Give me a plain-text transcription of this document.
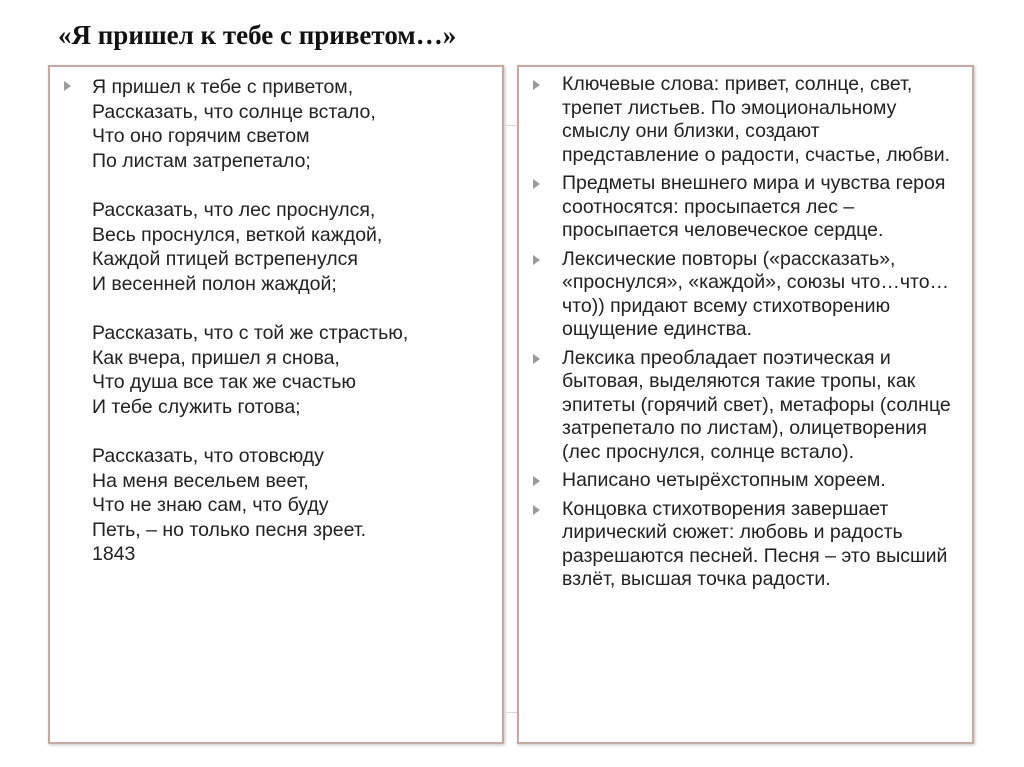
«Я пришел к тебе с приветом…»
Я пришел к тебе с приветом,
Рассказать, что солнце встало,
Что оно горячим светом
По листам затрепетало;

Рассказать, что лес проснулся,
Весь проснулся, веткой каждой,
Каждой птицей встрепенулся
И весенней полон жаждой;

Рассказать, что с той же страстью,
Как вчера, пришел я снова,
Что душа все так же счастью
И тебе служить готова;

Рассказать, что отовсюду
На меня весельем веет,
Что не знаю сам, что буду
Петь, – но только песня зреет.
1843
Ключевые слова: привет, солнце, свет, трепет листьев. По эмоциональному смыслу они близки, создают представление о радости, счастье, любви.
Предметы внешнего мира и чувства героя соотносятся: просыпается лес – просыпается человеческое сердце.
Лексические повторы («рассказать», «проснулся», «каждой», союзы что…что…что)) придают всему стихотворению ощущение единства.
Лексика преобладает поэтическая и бытовая, выделяются такие тропы, как эпитеты (горячий свет), метафоры (солнце затрепетало по листам), олицетворения (лес проснулся, солнце встало).
Написано четырёхстопным хореем.
Концовка стихотворения завершает лирический сюжет: любовь и радость разрешаются песней. Песня – это высший взлёт, высшая точка радости.
